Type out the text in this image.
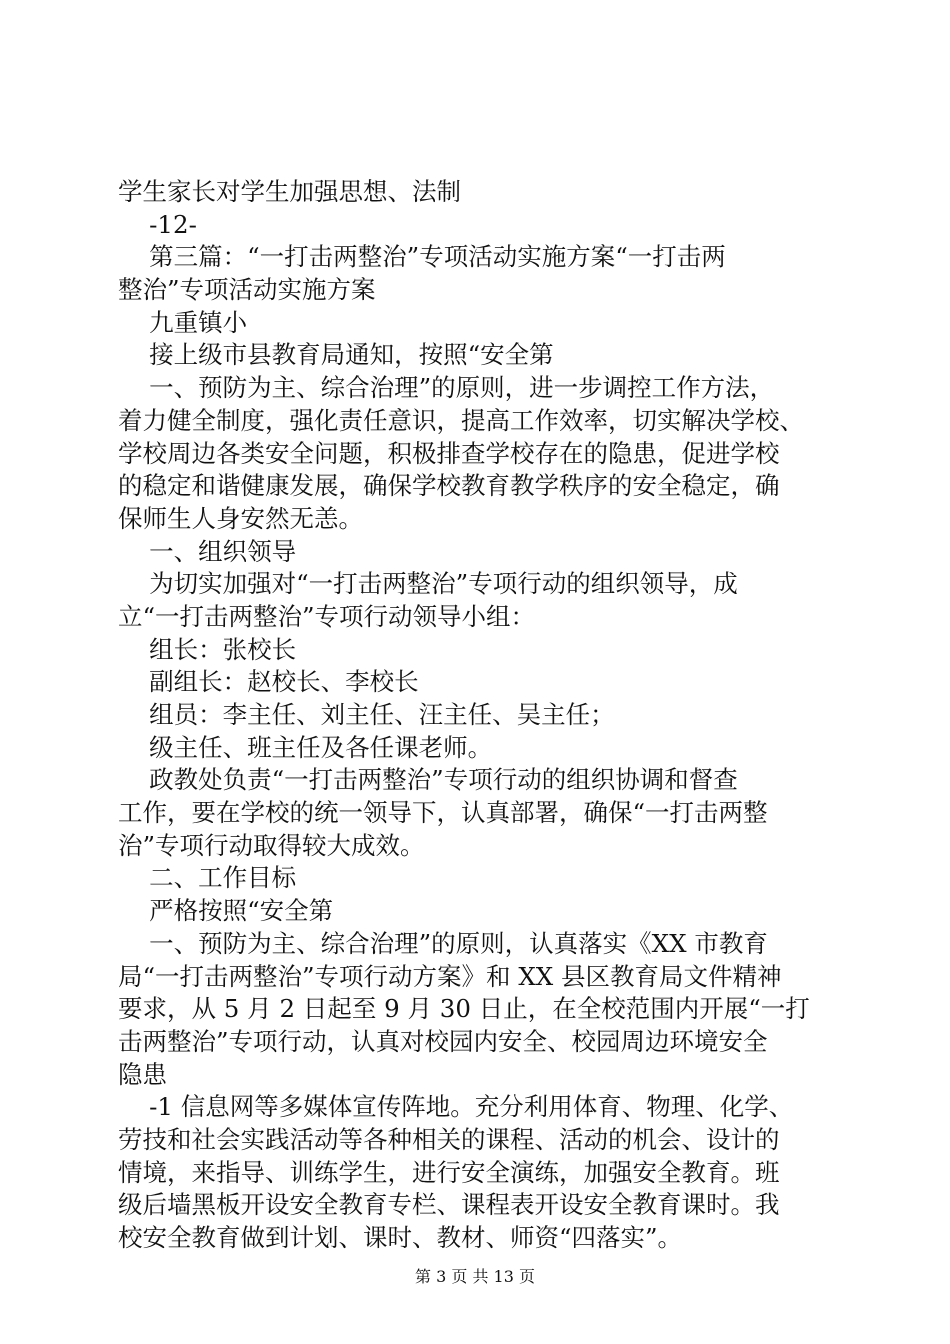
学生家长对学生加强思想、法制
-12-
第三篇：“一打击两整治”专项活动实施方案“一打击两
整治”专项活动实施方案
九重镇小
接上级市县教育局通知，按照“安全第
一、预防为主、综合治理”的原则，进一步调控工作方法，
着力健全制度，强化责任意识，提高工作效率，切实解决学校、
学校周边各类安全问题，积极排查学校存在的隐患，促进学校
的稳定和谐健康发展，确保学校教育教学秩序的安全稳定，确
保师生人身安然无恙。
一、组织领导
为切实加强对“一打击两整治”专项行动的组织领导，成
立“一打击两整治”专项行动领导小组：
组长：张校长
副组长：赵校长、李校长
组员：李主任、刘主任、汪主任、吴主任；
级主任、班主任及各任课老师。
政教处负责“一打击两整治”专项行动的组织协调和督查
工作，要在学校的统一领导下，认真部署，确保“一打击两整
治”专项行动取得较大成效。
二、工作目标
严格按照“安全第
一、预防为主、综合治理”的原则，认真落实《XX 市教育
局“一打击两整治”专项行动方案》和 XX 县区教育局文件精神
要求，从 5 月 2 日起至 9 月 30 日止，在全校范围内开展“一打
击两整治”专项行动，认真对校园内安全、校园周边环境安全
隐患
-1 信息网等多媒体宣传阵地。充分利用体育、物理、化学、
劳技和社会实践活动等各种相关的课程、活动的机会、设计的
情境，来指导、训练学生，进行安全演练，加强安全教育。班
级后墙黑板开设安全教育专栏、课程表开设安全教育课时。我
校安全教育做到计划、课时、教材、师资“四落实”。
第 3 页 共 13 页
